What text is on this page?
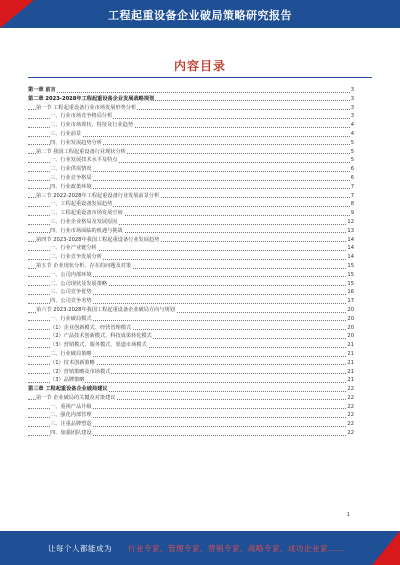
工程起重设备企业破局策略研究报告
内容目录
第一章 前言	3
第二章 2023-2028年工程起重设备企业发展战略规划	3
第一节 工程起重设备行业市场发展形势分析	3
一、行业市场竞争格局分析	3
二、行业市场现状、特征及行业趋势	4
三、行业前景	4
四、行业发展趋势分析	5
第二节 我国工程起重设备行业现状分析	5
一、行业发展技术水平及特点	5
二、行业供需情况	6
三、行业竞争格局	6
四、行业政策环境	7
第三节 2022-2028年工程起重设备行业发展前景分析	7
一、工程起重设备发展趋势	8
二、工程起重设备市场发展空间	9
三、行业企业格局及发展原因	12
四、行业市场面临的机遇与挑战	13
第四节 2023-2028年我国工程起重设备行业发展趋势	14
一、行业产业链分析	14
二、行业竞争发展分析	14
第五节 企业现状分析、存在的问题及对策	15
一、公司内部环境	15
二、公司现状及发展策略	15
三、公司竞争优势	16
四、公司竞争劣势	17
第六节 2023-2028年我国工程起重设备企业破局方向与规划	20
一、行业破局模式	20
（1）企业创新模式、经营管理模式	20
（2）产品技术创新模式、科技成果转化模式	20
（3）营销模式、服务模式、渠道市场模式	21
二、行业破局策略	21
（1）技术创新策略	21
（2）营销策略及市场模式	21
（3）品牌策略	21
第三章 工程起重设备企业破局建议	22
第一节 企业破局的关键及对策建议	22
一、重视产品升级	22
二、强化内部管理	22
三、注重品牌塑造	22
四、加强团队建设	22
1
让每个人都能成为 行业专家、管理专家、营销专家、战略专家、成功企业家……
